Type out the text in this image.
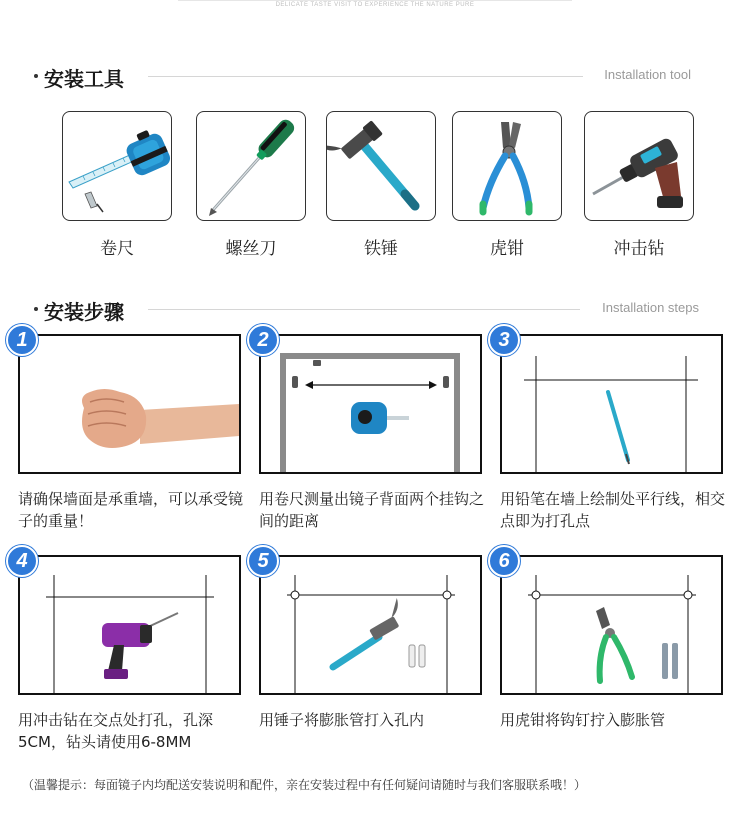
DELICATE TASTE VISIT TO EXPERIENCE THE NATURE PURE
安装工具	Installation tool
卷尺	螺丝刀	铁锤	虎钳	冲击钻
安装步骤	Installation steps
1
请确保墙面是承重墙，可以承受镜子的重量！
2
用卷尺测量出镜子背面两个挂钩之间的距离
3
用铅笔在墙上绘制处平行线，相交点即为打孔点
4
用冲击钻在交点处打孔，孔深5CM，钻头请使用6-8MM
5
用锤子将膨胀管打入孔内
6
用虎钳将钩钉拧入膨胀管
（温馨提示：每面镜子内均配送安装说明和配件，亲在安装过程中有任何疑问请随时与我们客服联系哦！）
